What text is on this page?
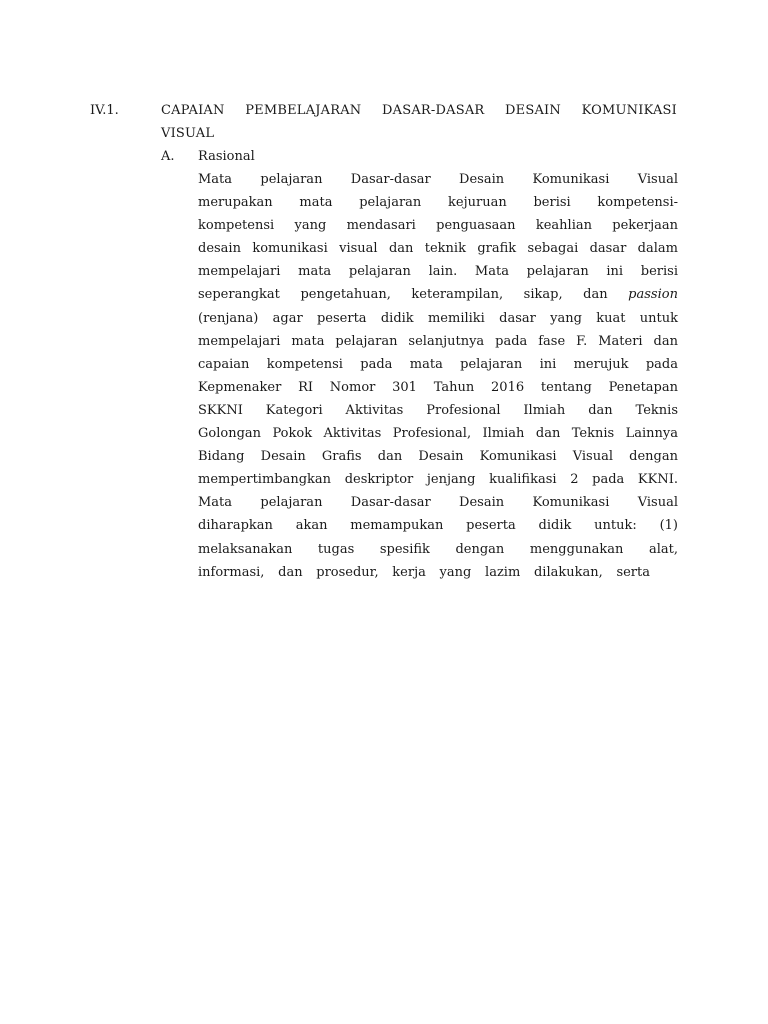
IV.1.	CAPAIAN PEMBELAJARAN DASAR-DASAR DESAIN KOMUNIKASI
VISUAL
A. Rasional
Mata pelajaran Dasar-dasar Desain Komunikasi Visual
merupakan mata pelajaran kejuruan berisi kompetensi-
kompetensi yang mendasari penguasaan keahlian pekerjaan
desain komunikasi visual dan teknik grafik sebagai dasar dalam
mempelajari mata pelajaran lain. Mata pelajaran ini berisi
seperangkat pengetahuan, keterampilan, sikap, dan passion
(renjana) agar peserta didik memiliki dasar yang kuat untuk
mempelajari mata pelajaran selanjutnya pada fase F. Materi dan
capaian kompetensi pada mata pelajaran ini merujuk pada
Kepmenaker RI Nomor 301 Tahun 2016 tentang Penetapan
SKKNI Kategori Aktivitas Profesional Ilmiah dan Teknis
Golongan Pokok Aktivitas Profesional, Ilmiah dan Teknis Lainnya
Bidang Desain Grafis dan Desain Komunikasi Visual dengan
mempertimbangkan deskriptor jenjang kualifikasi 2 pada KKNI.
Mata pelajaran Dasar-dasar Desain Komunikasi Visual
diharapkan akan memampukan peserta didik untuk: (1)
melaksanakan tugas spesifik dengan menggunakan alat,
informasi, dan prosedur, kerja yang lazim dilakukan, serta
